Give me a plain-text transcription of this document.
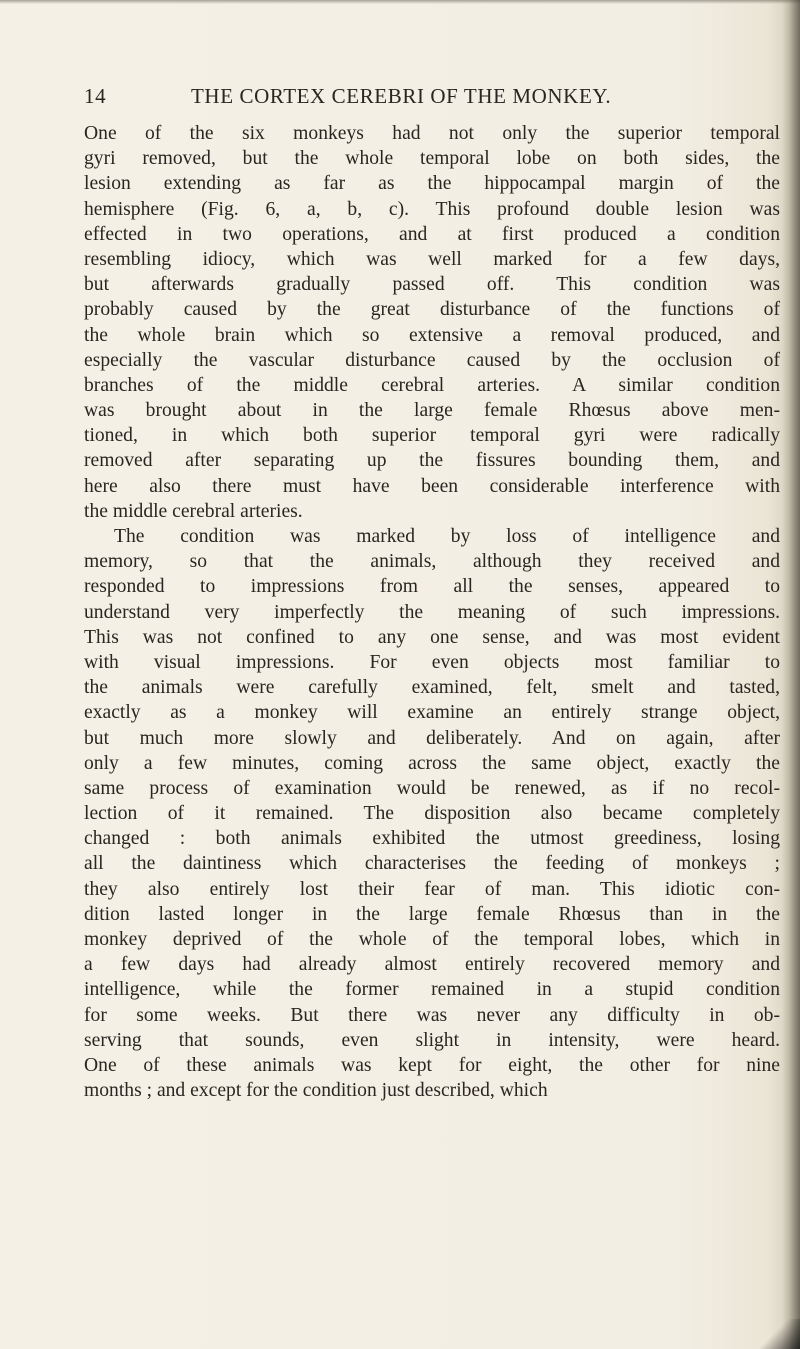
14	THE CORTEX CEREBRI OF THE MONKEY.
One of the six monkeys had not only the superior temporal
gyri removed, but the whole temporal lobe on both sides, the
lesion extending as far as the hippocampal margin of the
hemisphere (Fig. 6, a, b, c). This profound double lesion was
effected in two operations, and at first produced a condition
resembling idiocy, which was well marked for a few days,
but afterwards gradually passed off. This condition was
probably caused by the great disturbance of the functions of
the whole brain which so extensive a removal produced, and
especially the vascular disturbance caused by the occlusion of
branches of the middle cerebral arteries. A similar condition
was brought about in the large female Rhœsus above men-
tioned, in which both superior temporal gyri were radically
removed after separating up the fissures bounding them, and
here also there must have been considerable interference with
the middle cerebral arteries.
The condition was marked by loss of intelligence and
memory, so that the animals, although they received and
responded to impressions from all the senses, appeared to
understand very imperfectly the meaning of such impressions.
This was not confined to any one sense, and was most evident
with visual impressions. For even objects most familiar to
the animals were carefully examined, felt, smelt and tasted,
exactly as a monkey will examine an entirely strange object,
but much more slowly and deliberately. And on again, after
only a few minutes, coming across the same object, exactly the
same process of examination would be renewed, as if no recol-
lection of it remained. The disposition also became completely
changed : both animals exhibited the utmost greediness, losing
all the daintiness which characterises the feeding of monkeys ;
they also entirely lost their fear of man. This idiotic con-
dition lasted longer in the large female Rhœsus than in the
monkey deprived of the whole of the temporal lobes, which in
a few days had already almost entirely recovered memory and
intelligence, while the former remained in a stupid condition
for some weeks. But there was never any difficulty in ob-
serving that sounds, even slight in intensity, were heard.
One of these animals was kept for eight, the other for nine
months ; and except for the condition just described, which
